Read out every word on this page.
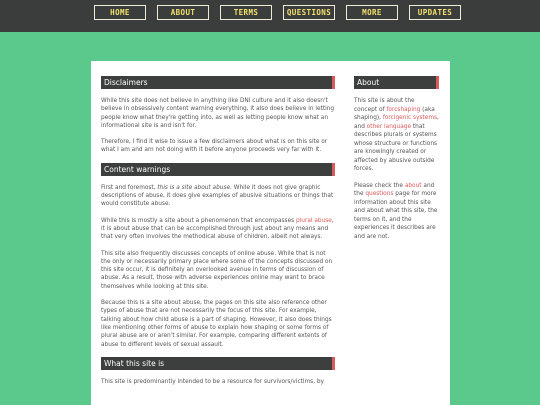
HOME	ABOUT	TERMS	QUESTIONS	MORE	UPDATES
Disclaimers

While this site does not believe in anything like DNI culture and it also doesn't believe in obsessively content warning everything, it also does believe in letting people know what they're getting into, as well as letting people know what an informational site is and isn't for.

Therefore, I find it wise to issue a few disclaimers about what is on this site or what I am and am not doing with it before anyone proceeds very far with it.

Content warnings

First and foremost, this is a site about abuse. While it does not give graphic descriptions of abuse, it does give examples of abusive situations or things that would constitute abuse.

While this is mostly a site about a phenomenon that encompasses plural abuse, it is about abuse that can be accomplished through just about any means and that very often involves the methodical abuse of children, albeit not always.

This site also frequently discusses concepts of online abuse. While that is not the only or necessarily primary place where some of the concepts discussed on this site occur, it is definitely an overlooked avenue in terms of discussion of abuse. As a result, those with adverse experiences online may want to brace themselves while looking at this site.

Because this is a site about abuse, the pages on this site also reference other types of abuse that are not necessarily the focus of this site. For example, talking about how child abuse is a part of shaping. However, it also does things like mentioning other forms of abuse to explain how shaping or some forms of plural abuse are or aren't similar. For example, comparing different extents of abuse to different levels of sexual assault.

What this site is

This site is predominantly intended to be a resource for survivors/victims, by

About

This site is about the concept of forcshaping (aka shaping), forcigenic systems, and other language that describes plurals or systems whose structure or functions are knowingly created or affected by abusive outside forces.

Please check the about and the questions page for more information about this site and about what this site, the terms on it, and the experiences it describes are and are not.
